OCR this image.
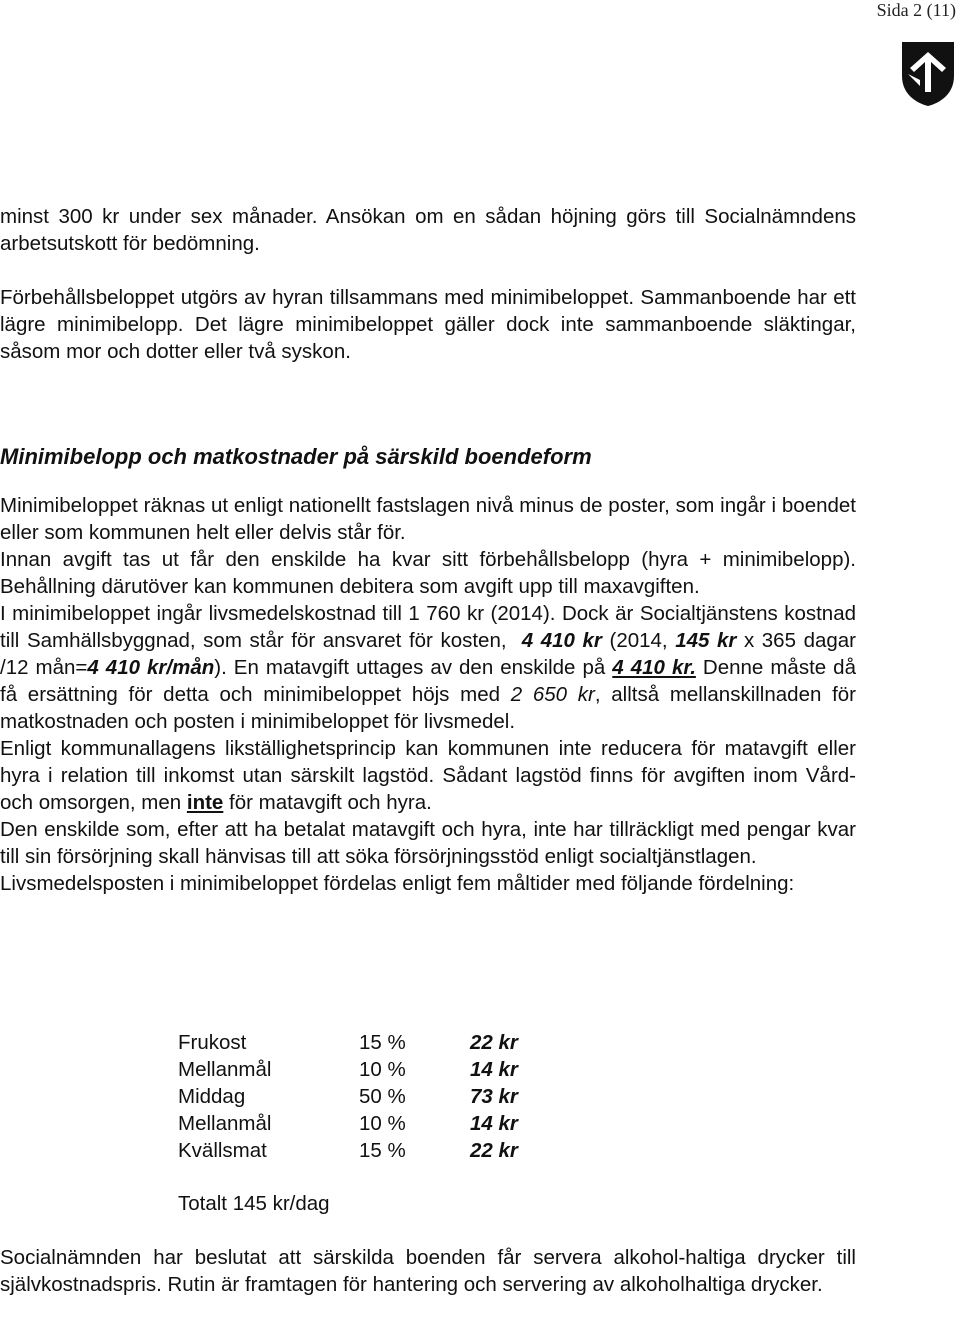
Sida 2 (11)

minst 300 kr under sex månader. Ansökan om en sådan höjning görs till Socialnämndens arbetsutskott för bedömning.

Förbehållsbeloppet utgörs av hyran tillsammans med minimibeloppet. Sammanboende har ett lägre minimibelopp. Det lägre minimibeloppet gäller dock inte sammanboende släktingar, såsom mor och dotter eller två syskon.

Minimibelopp och matkostnader på särskild boendeform

Minimibeloppet räknas ut enligt nationellt fastslagen nivå minus de poster, som ingår i boendet eller som kommunen helt eller delvis står för.

Innan avgift tas ut får den enskilde ha kvar sitt förbehållsbelopp (hyra + minimibelopp). Behållning därutöver kan kommunen debitera som avgift upp till maxavgiften.

I minimibeloppet ingår livsmedelskostnad till 1 760 kr (2014). Dock är Socialtjänstens kostnad till Samhällsbyggnad, som står för ansvaret för kosten, 4 410 kr (2014, 145 kr x 365 dagar /12 mån=4 410 kr/mån). En matavgift uttages av den enskilde på 4 410 kr. Denne måste då få ersättning för detta och minimibeloppet höjs med 2 650 kr, alltså mellanskillnaden för matkostnaden och posten i minimibeloppet för livsmedel.

Enligt kommunallagens likställighetsprincip kan kommunen inte reducera för matavgift eller hyra i relation till inkomst utan särskilt lagstöd. Sådant lagstöd finns för avgiften inom Vård- och omsorgen, men inte för matavgift och hyra.

Den enskilde som, efter att ha betalat matavgift och hyra, inte har tillräckligt med pengar kvar till sin försörjning skall hänvisas till att söka försörjningsstöd enligt socialtjänstlagen.

Livsmedelsposten i minimibeloppet fördelas enligt fem måltider med följande fördelning:

Frukost	15 %	22 kr
Mellanmål	10 %	14 kr
Middag	50 %	73 kr
Mellanmål	10 %	14 kr
Kvällsmat	15 %	22 kr
Totalt 145 kr/dag

Socialnämnden har beslutat att särskilda boenden får servera alkohol-haltiga drycker till självkostnadspris. Rutin är framtagen för hantering och servering av alkoholhaltiga drycker.
